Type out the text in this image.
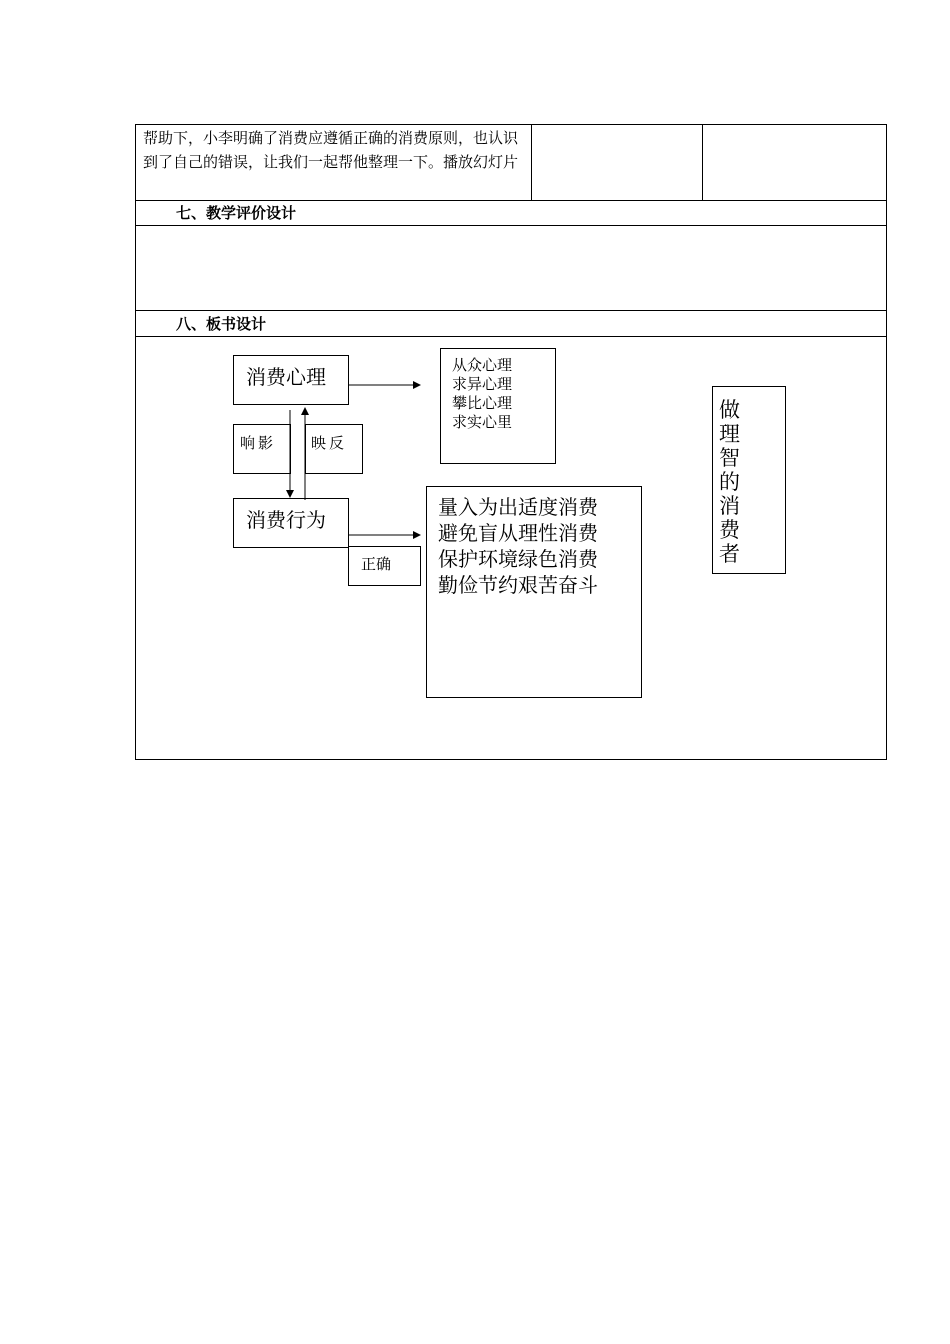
帮助下，小李明确了消费应遵循正确的消费原则，也认识到了自己的错误，让我们一起帮他整理一下。播放幻灯片
七、教学评价设计
八、板书设计
消费心理	从众心理
求异心理
攀比心理
求实心里
响影 映反
消费行为
正确
量入为出适度消费
避免盲从理性消费
保护环境绿色消费
勤俭节约艰苦奋斗
做理智的消费者
